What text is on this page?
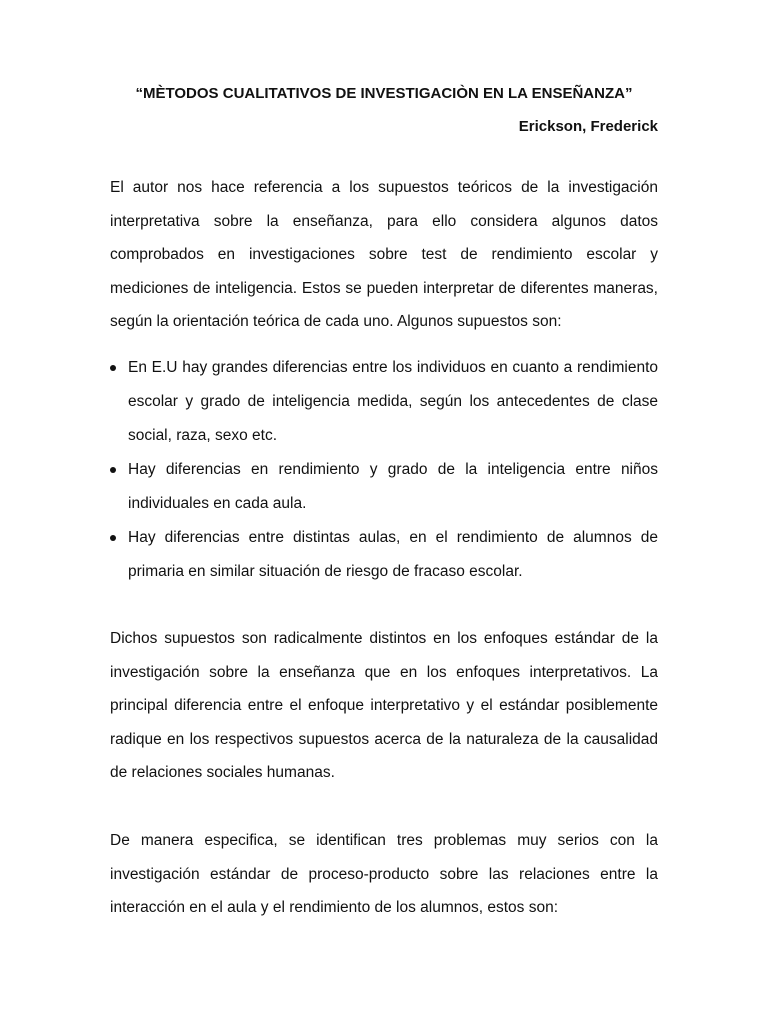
“MÈTODOS CUALITATIVOS DE INVESTIGACIÒN EN LA ENSEÑANZA”
Erickson, Frederick

El autor nos hace referencia a los supuestos teóricos de la investigación interpretativa sobre la enseñanza, para ello considera algunos datos comprobados en investigaciones sobre test de rendimiento escolar y mediciones de inteligencia. Estos se pueden interpretar de diferentes maneras, según la orientación teórica de cada uno. Algunos supuestos son:

En E.U hay grandes diferencias entre los individuos en cuanto a rendimiento escolar y grado de inteligencia medida, según los antecedentes de clase social, raza, sexo etc.
Hay diferencias en rendimiento y grado de la inteligencia entre niños individuales en cada aula.
Hay diferencias entre distintas aulas, en el rendimiento de alumnos de primaria en similar situación de riesgo de fracaso escolar.

Dichos supuestos son radicalmente distintos en los enfoques estándar de la investigación sobre la enseñanza que en los enfoques interpretativos. La principal diferencia entre el enfoque interpretativo y el estándar posiblemente radique en los respectivos supuestos acerca de la naturaleza de la causalidad de relaciones sociales humanas.

De manera especifica, se identifican tres problemas muy serios con la investigación estándar de proceso-producto sobre las relaciones entre la interacción en el aula y el rendimiento de los alumnos, estos son:
